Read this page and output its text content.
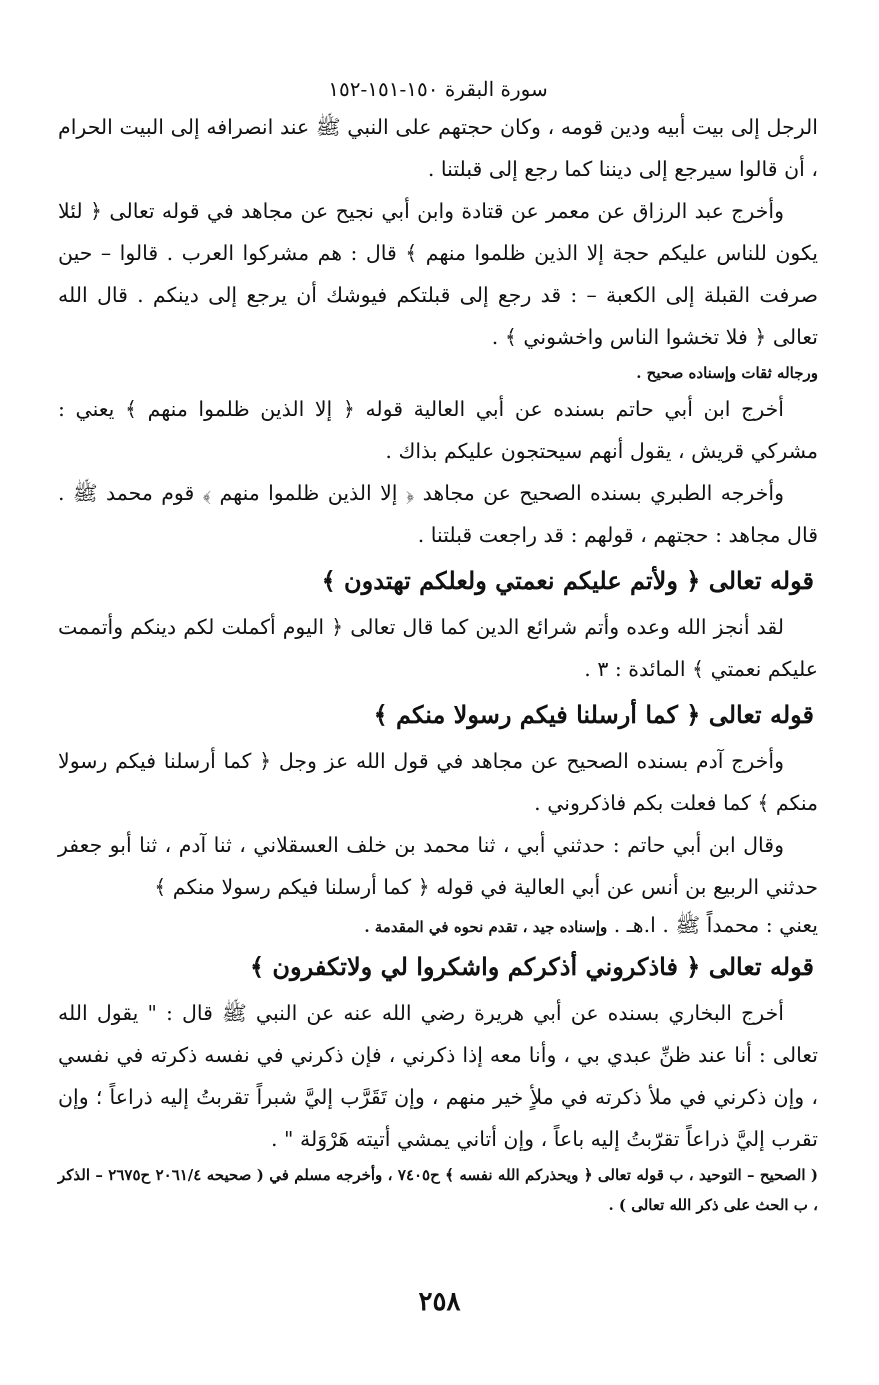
سورة البقرة ١٥٠-١٥١-١٥٢

الرجل إلى بيت أبيه ودين قومه ، وكان حجتهم على النبي ﷺ عند انصرافه إلى البيت الحرام ، أن قالوا سيرجع إلى ديننا كما رجع إلى قبلتنا .

وأخرج عبد الرزاق عن معمر عن قتادة وابن أبي نجيح عن مجاهد في قوله تعالى ﴿ لئلا يكون للناس عليكم حجة إلا الذين ظلموا منهم ﴾ قال : هم مشركوا العرب . قالوا – حين صرفت القبلة إلى الكعبة – : قد رجع إلى قبلتكم فيوشك أن يرجع إلى دينكم . قال الله تعالى ﴿ فلا تخشوا الناس واخشوني ﴾ .

ورجاله ثقات وإسناده صحيح .

أخرج ابن أبي حاتم بسنده عن أبي العالية قوله ﴿ إلا الذين ظلموا منهم ﴾ يعني : مشركي قريش ، يقول أنهم سيحتجون عليكم بذاك .

وأخرجه الطبري بسنده الصحيح عن مجاهد ﴿ إلا الذين ظلموا منهم ﴾ قوم محمد ﷺ . قال مجاهد : حجتهم ، قولهم : قد راجعت قبلتنا .

قوله تعالى ﴿ ولأتم عليكم نعمتي ولعلكم تهتدون ﴾

لقد أنجز الله وعده وأتم شرائع الدين كما قال تعالى ﴿ اليوم أكملت لكم دينكم وأتممت عليكم نعمتي ﴾ المائدة : ٣ .

قوله تعالى ﴿ كما أرسلنا فيكم رسولا منكم ﴾

وأخرج آدم بسنده الصحيح عن مجاهد في قول الله عز وجل ﴿ كما أرسلنا فيكم رسولا منكم ﴾ كما فعلت بكم فاذكروني .

وقال ابن أبي حاتم : حدثني أبي ، ثنا محمد بن خلف العسقلاني ، ثنا آدم ، ثنا أبو جعفر حدثني الربيع بن أنس عن أبي العالية في قوله ﴿ كما أرسلنا فيكم رسولا منكم ﴾

يعني : محمداً ﷺ . ا.هـ . وإسناده جيد ، تقدم نحوه في المقدمة .

قوله تعالى ﴿ فاذكروني أذكركم واشكروا لي ولاتكفرون ﴾

أخرج البخاري بسنده عن أبي هريرة رضي الله عنه عن النبي ﷺ قال : " يقول الله تعالى : أنا عند ظنِّ عبدي بي ، وأنا معه إذا ذكرني ، فإن ذكرني في نفسه ذكرته في نفسي ، وإن ذكرني في ملأ ذكرته في ملأٍ خير منهم ، وإن تَقَرَّب إليَّ شبراً تقربتُ إليه ذراعاً ؛ وإن تقرب إليَّ ذراعاً تقرّبتُ إليه باعاً ، وإن أتاني يمشي أتيته هَرْوَلة " .

( الصحيح – التوحيد ، ب قوله تعالى ﴿ ويحذركم الله نفسه ﴾ ح٧٤٠٥ ، وأخرجه مسلم في ( صحيحه ٢٠٦١/٤ ح٢٦٧٥ – الذكر ، ب الحث على ذكر الله تعالى ) .

٢٥٨
